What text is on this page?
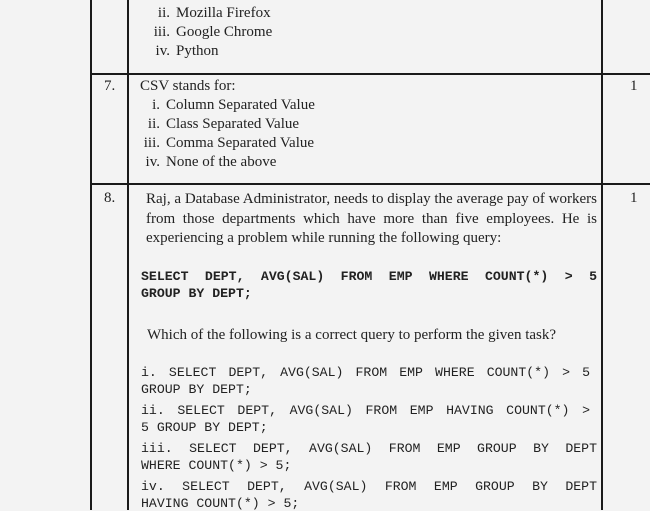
ii. Mozilla Firefox
iii. Google Chrome
iv. Python
7.	1
CSV stands for:
i. Column Separated Value
ii. Class Separated Value
iii. Comma Separated Value
iv. None of the above
8.	1
Raj, a Database Administrator, needs to display the average pay of workers from those departments which have more than five employees. He is experiencing a problem while running the following query:
SELECT DEPT, AVG(SAL) FROM EMP WHERE COUNT(*) > 5
GROUP BY DEPT;
Which of the following is a correct query to perform the given task?
i. SELECT DEPT, AVG(SAL) FROM EMP WHERE COUNT(*) > 5
GROUP BY DEPT;
ii. SELECT DEPT, AVG(SAL) FROM EMP HAVING COUNT(*) >
5 GROUP BY DEPT;
iii. SELECT DEPT, AVG(SAL) FROM EMP GROUP BY DEPT
WHERE COUNT(*) > 5;
iv. SELECT DEPT, AVG(SAL) FROM EMP GROUP BY DEPT
HAVING COUNT(*) > 5;
